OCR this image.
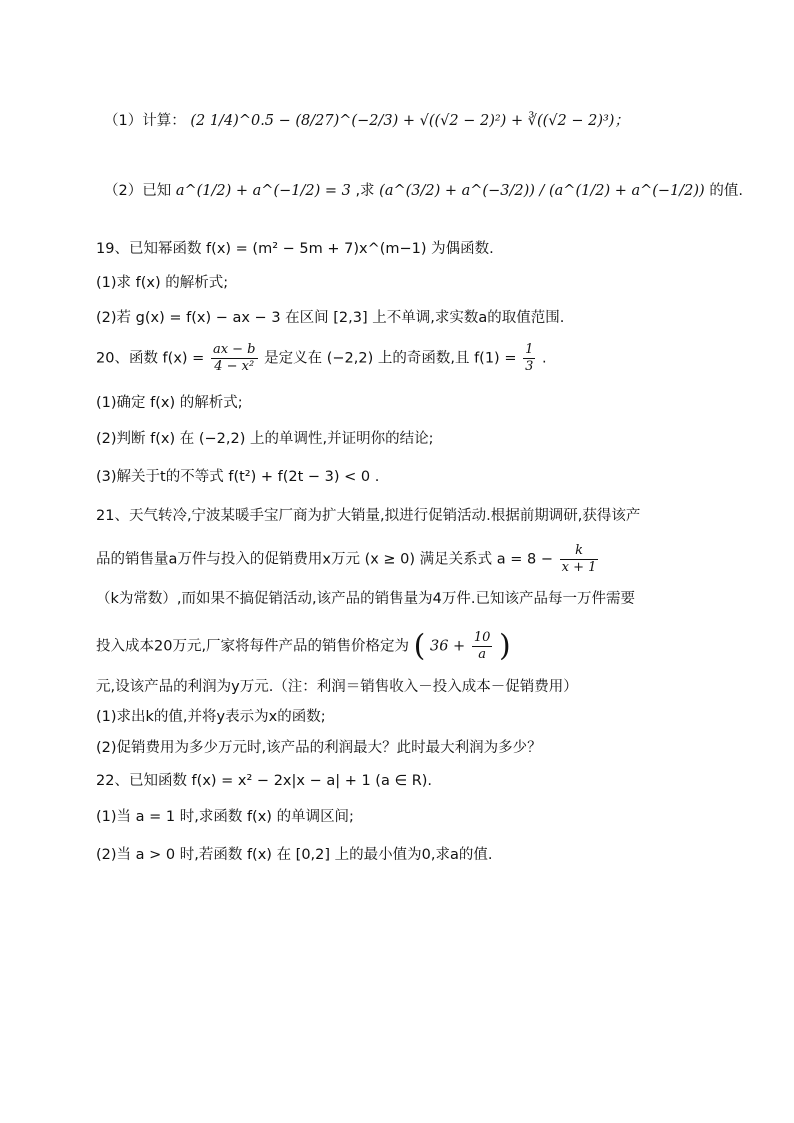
（1）计算： (2 1/4)^0.5 − (8/27)^(−2/3) + √((√2 − 2)²) + ∛((√2 − 2)³)；
（2）已知 a^(1/2) + a^(−1/2) = 3 ,求 (a^(3/2) + a^(−3/2)) / (a^(1/2) + a^(−1/2)) 的值.
19、已知幂函数 f(x) = (m² − 5m + 7)x^(m−1) 为偶函数.
(1)求 f(x) 的解析式;
(2)若 g(x) = f(x) − ax − 3 在区间 [2,3] 上不单调,求实数a的取值范围.
20、函数 $f(x) = \frac{ax - b}{\text{4 − x²}}$ 是定义在 (−2,2) 上的奇函数,且 $f(1) = \frac{1}{3}$ .
(1)确定 f(x) 的解析式;
(2)判断 f(x) 在 (−2,2) 上的单调性,并证明你的结论;
(3)解关于t的不等式 f(t²) + f(2t − 3) < 0 .
21、天气转冷,宁波某暖手宝厂商为扩大销量,拟进行促销活动.根据前期调研,获得该产
品的销售量a万件与投入的促销费用x万元 (x ≥ 0) 满足关系式 $a = 8 - \frac{k}{x + 1}$
（k为常数）,而如果不搞促销活动,该产品的销售量为4万件.已知该产品每一万件需要
投入成本20万元,厂家将每件产品的销售价格定为 ( $36 + \frac{10}{a}$ )
元,设该产品的利润为y万元.（注：利润＝销售收入－投入成本－促销费用）
(1)求出k的值,并将y表示为x的函数;
(2)促销费用为多少万元时,该产品的利润最大？此时最大利润为多少？
22、已知函数 f(x) = x² − 2x|x − a| + 1 (a ∈ R).
(1)当 a = 1 时,求函数 f(x) 的单调区间;
(2)当 a > 0 时,若函数 f(x) 在 [0,2] 上的最小值为0,求a的值.
